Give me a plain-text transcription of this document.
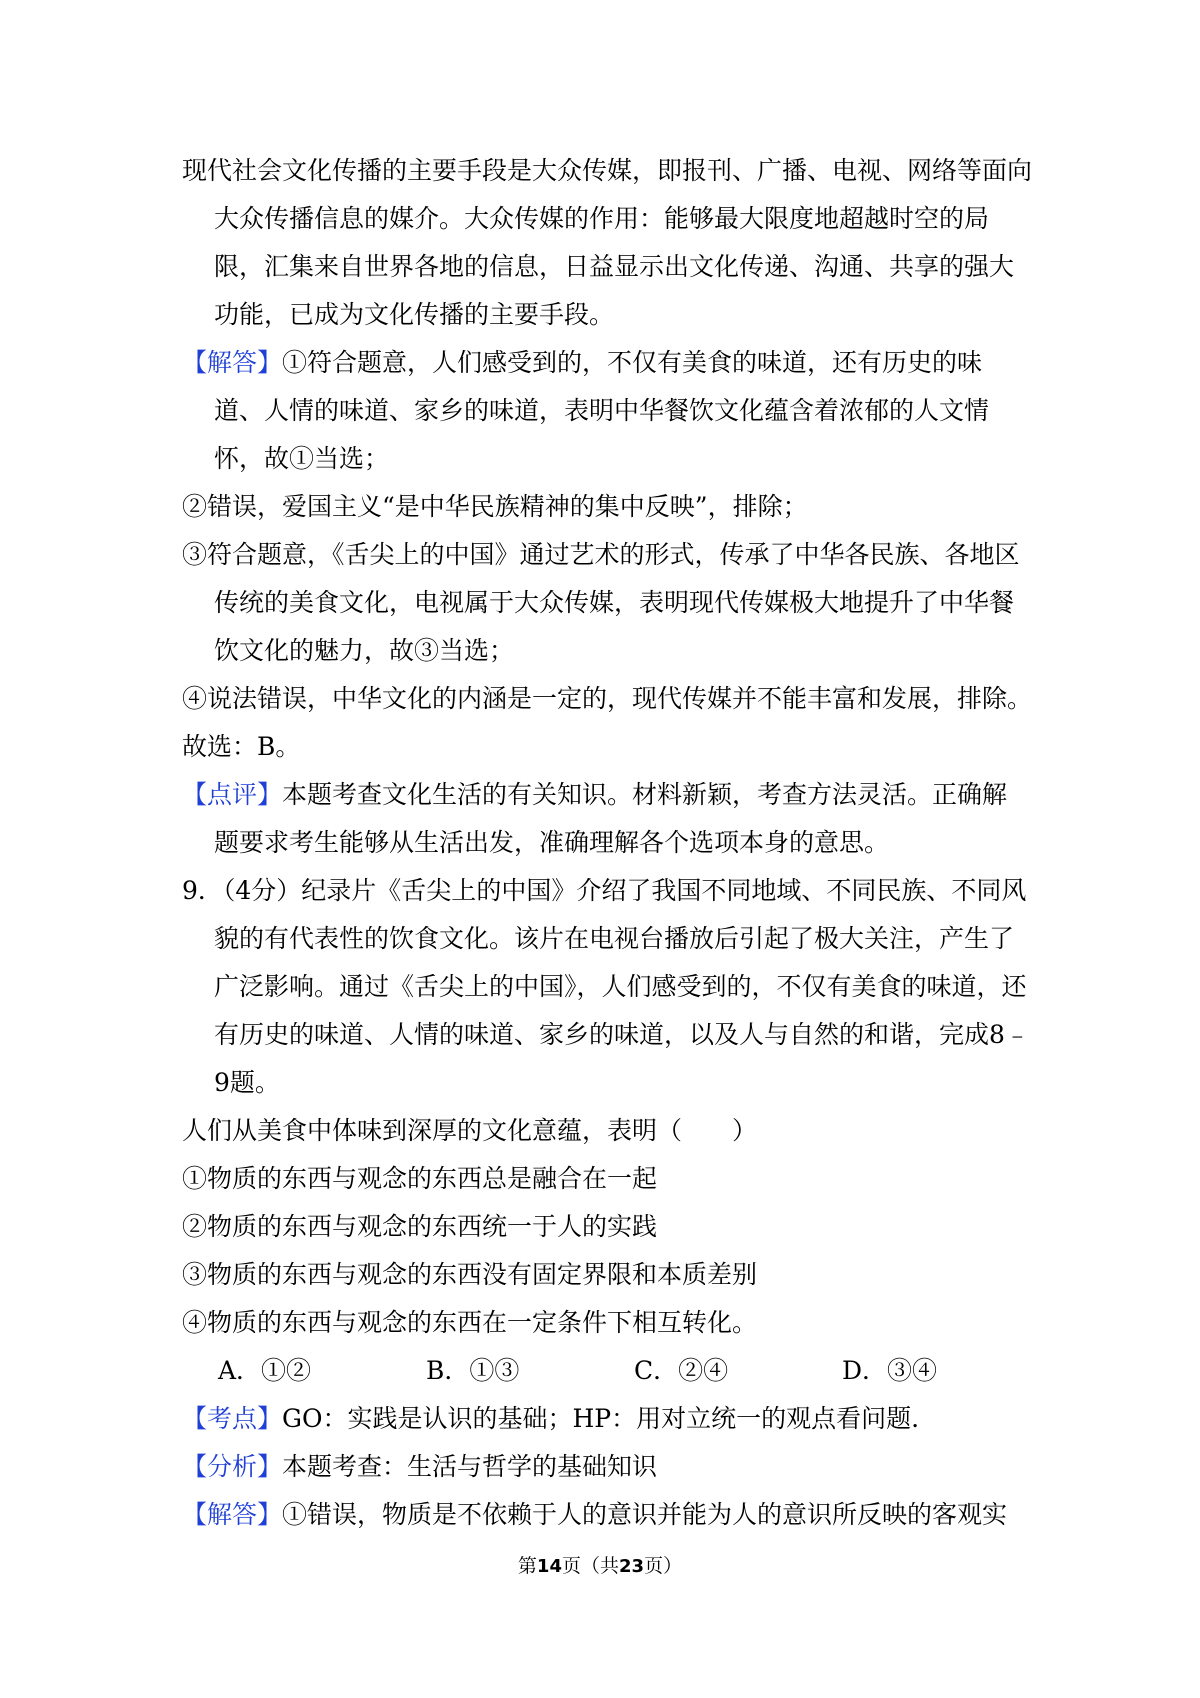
现代社会文化传播的主要手段是大众传媒，即报刊、广播、电视、网络等面向大众传播信息的媒介。大众传媒的作用：能够最大限度地超越时空的局限，汇集来自世界各地的信息，日益显示出文化传递、沟通、共享的强大功能，已成为文化传播的主要手段。

【解答】①符合题意，人们感受到的，不仅有美食的味道，还有历史的味道、人情的味道、家乡的味道，表明中华餐饮文化蕴含着浓郁的人文情怀，故①当选；

②错误，爱国主义“是中华民族精神的集中反映”，排除；

③符合题意，《舌尖上的中国》通过艺术的形式，传承了中华各民族、各地区传统的美食文化，电视属于大众传媒，表明现代传媒极大地提升了中华餐饮文化的魅力，故③当选；

④说法错误，中华文化的内涵是一定的，现代传媒并不能丰富和发展，排除。

故选：B。

【点评】本题考查文化生活的有关知识。材料新颖，考查方法灵活。正确解题要求考生能够从生活出发，准确理解各个选项本身的意思。

9．（4分）纪录片《舌尖上的中国》介绍了我国不同地域、不同民族、不同风貌的有代表性的饮食文化。该片在电视台播放后引起了极大关注，产生了广泛影响。通过《舌尖上的中国》，人们感受到的，不仅有美食的味道，还有历史的味道、人情的味道、家乡的味道，以及人与自然的和谐，完成8﹣9题。

人们从美食中体味到深厚的文化意蕴，表明（　　）

①物质的东西与观念的东西总是融合在一起

②物质的东西与观念的东西统一于人的实践

③物质的东西与观念的东西没有固定界限和本质差别

④物质的东西与观念的东西在一定条件下相互转化。

A．①②	B．①③	C．②④	D．③④

【考点】GO：实践是认识的基础；HP：用对立统一的观点看问题.

【分析】本题考查：生活与哲学的基础知识

【解答】①错误，物质是不依赖于人的意识并能为人的意识所反映的客观实

第14页（共23页）
